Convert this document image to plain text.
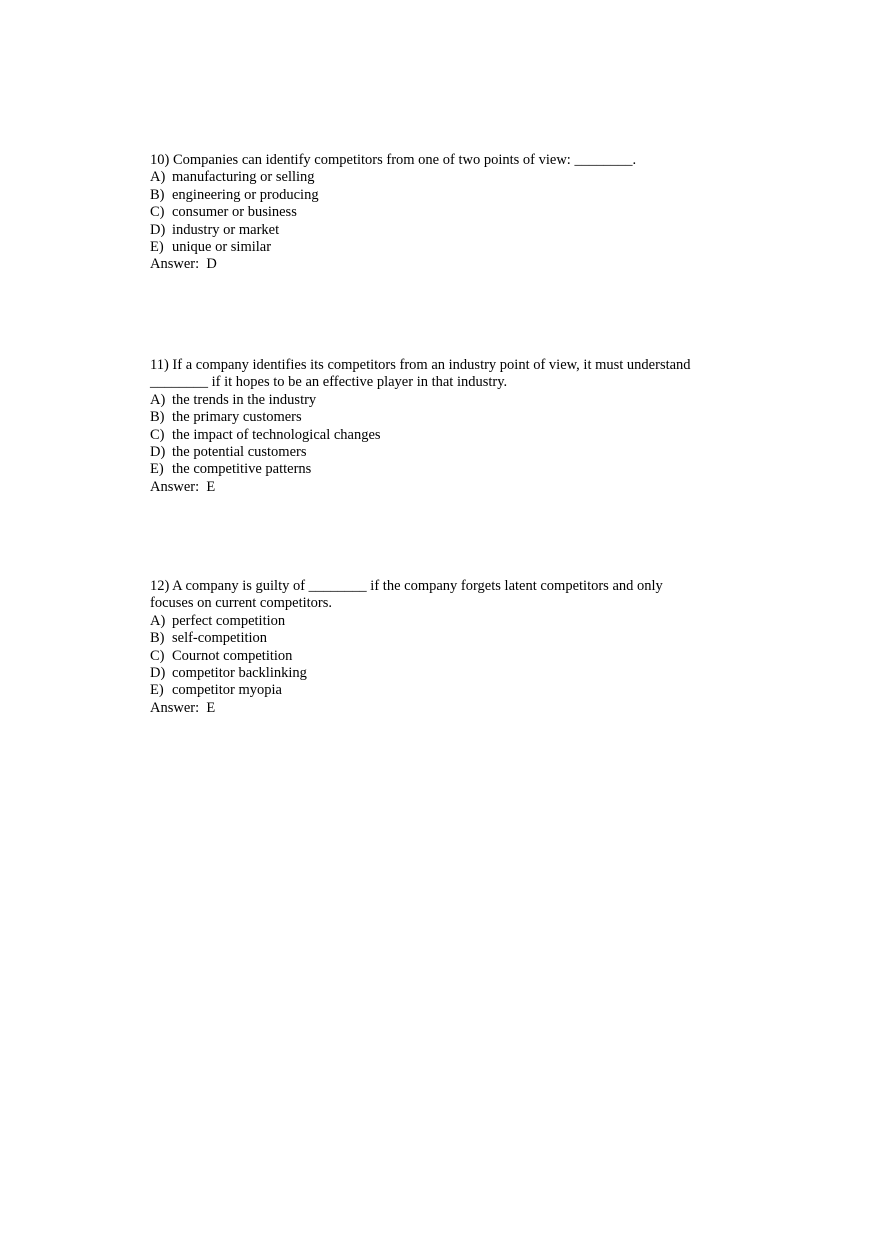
10) Companies can identify competitors from one of two points of view: ________.

A) manufacturing or selling

B) engineering or producing

C) consumer or business

D) industry or market

E) unique or similar

Answer:  D

11) If a company identifies its competitors from an industry point of view, it must understand

________ if it hopes to be an effective player in that industry.

A) the trends in the industry

B) the primary customers

C) the impact of technological changes

D) the potential customers

E) the competitive patterns

Answer:  E

12) A company is guilty of ________ if the company forgets latent competitors and only

focuses on current competitors.

A) perfect competition

B) self-competition

C) Cournot competition

D) competitor backlinking

E) competitor myopia

Answer:  E
